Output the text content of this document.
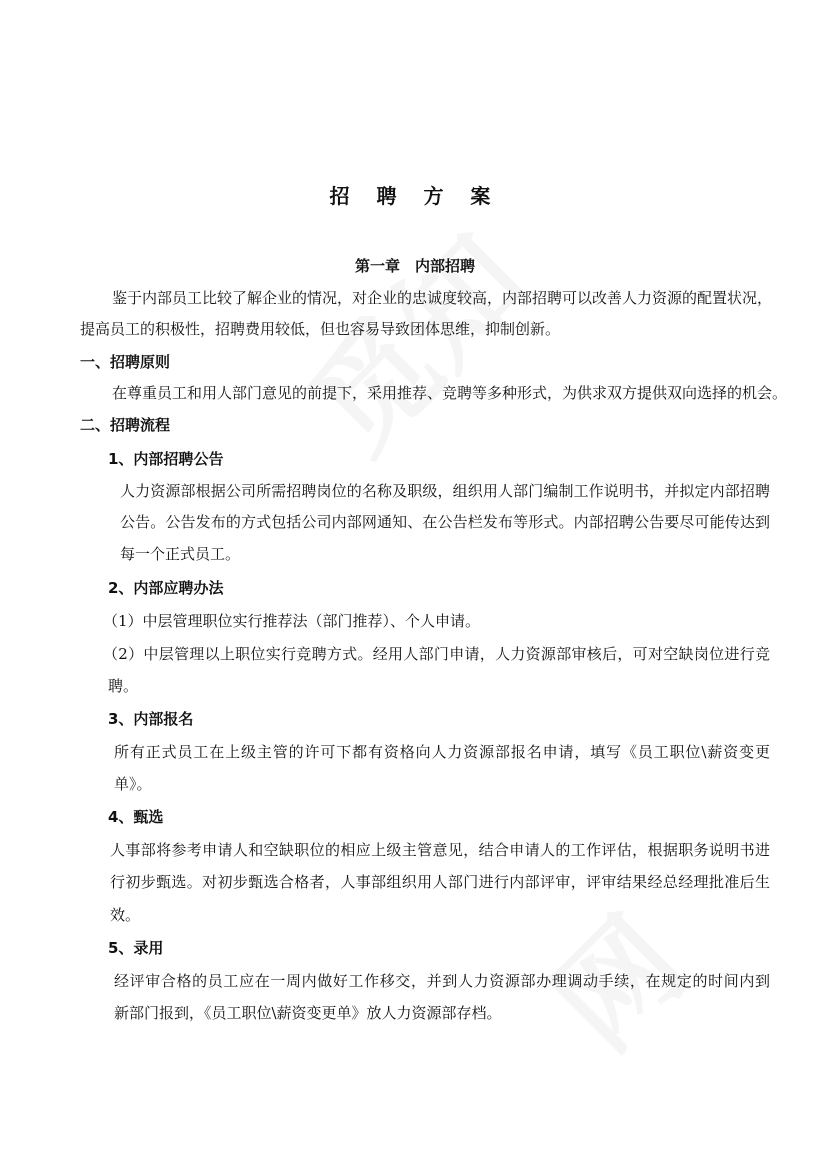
招 聘 方 案
第一章　内部招聘
鉴于内部员工比较了解企业的情况，对企业的忠诚度较高，内部招聘可以改善人力资源的配置状况，
提高员工的积极性，招聘费用较低，但也容易导致团体思维，抑制创新。
一、招聘原则
在尊重员工和用人部门意见的前提下，采用推荐、竞聘等多种形式，为供求双方提供双向选择的机会。
二、招聘流程
1、内部招聘公告
人力资源部根据公司所需招聘岗位的名称及职级，组织用人部门编制工作说明书，并拟定内部招聘
公告。公告发布的方式包括公司内部网通知、在公告栏发布等形式。内部招聘公告要尽可能传达到
每一个正式员工。
2、内部应聘办法
（1）中层管理职位实行推荐法（部门推荐）、个人申请。
（2）中层管理以上职位实行竞聘方式。经用人部门申请，人力资源部审核后，可对空缺岗位进行竞
聘。
3、内部报名
所有正式员工在上级主管的许可下都有资格向人力资源部报名申请，填写《员工职位\薪资变更
单》。
4、甄选
人事部将参考申请人和空缺职位的相应上级主管意见，结合申请人的工作评估，根据职务说明书进
行初步甄选。对初步甄选合格者，人事部组织用人部门进行内部评审，评审结果经总经理批准后生
效。
5、录用
经评审合格的员工应在一周内做好工作移交，并到人力资源部办理调动手续，在规定的时间内到
新部门报到，《员工职位\薪资变更单》放人力资源部存档。
